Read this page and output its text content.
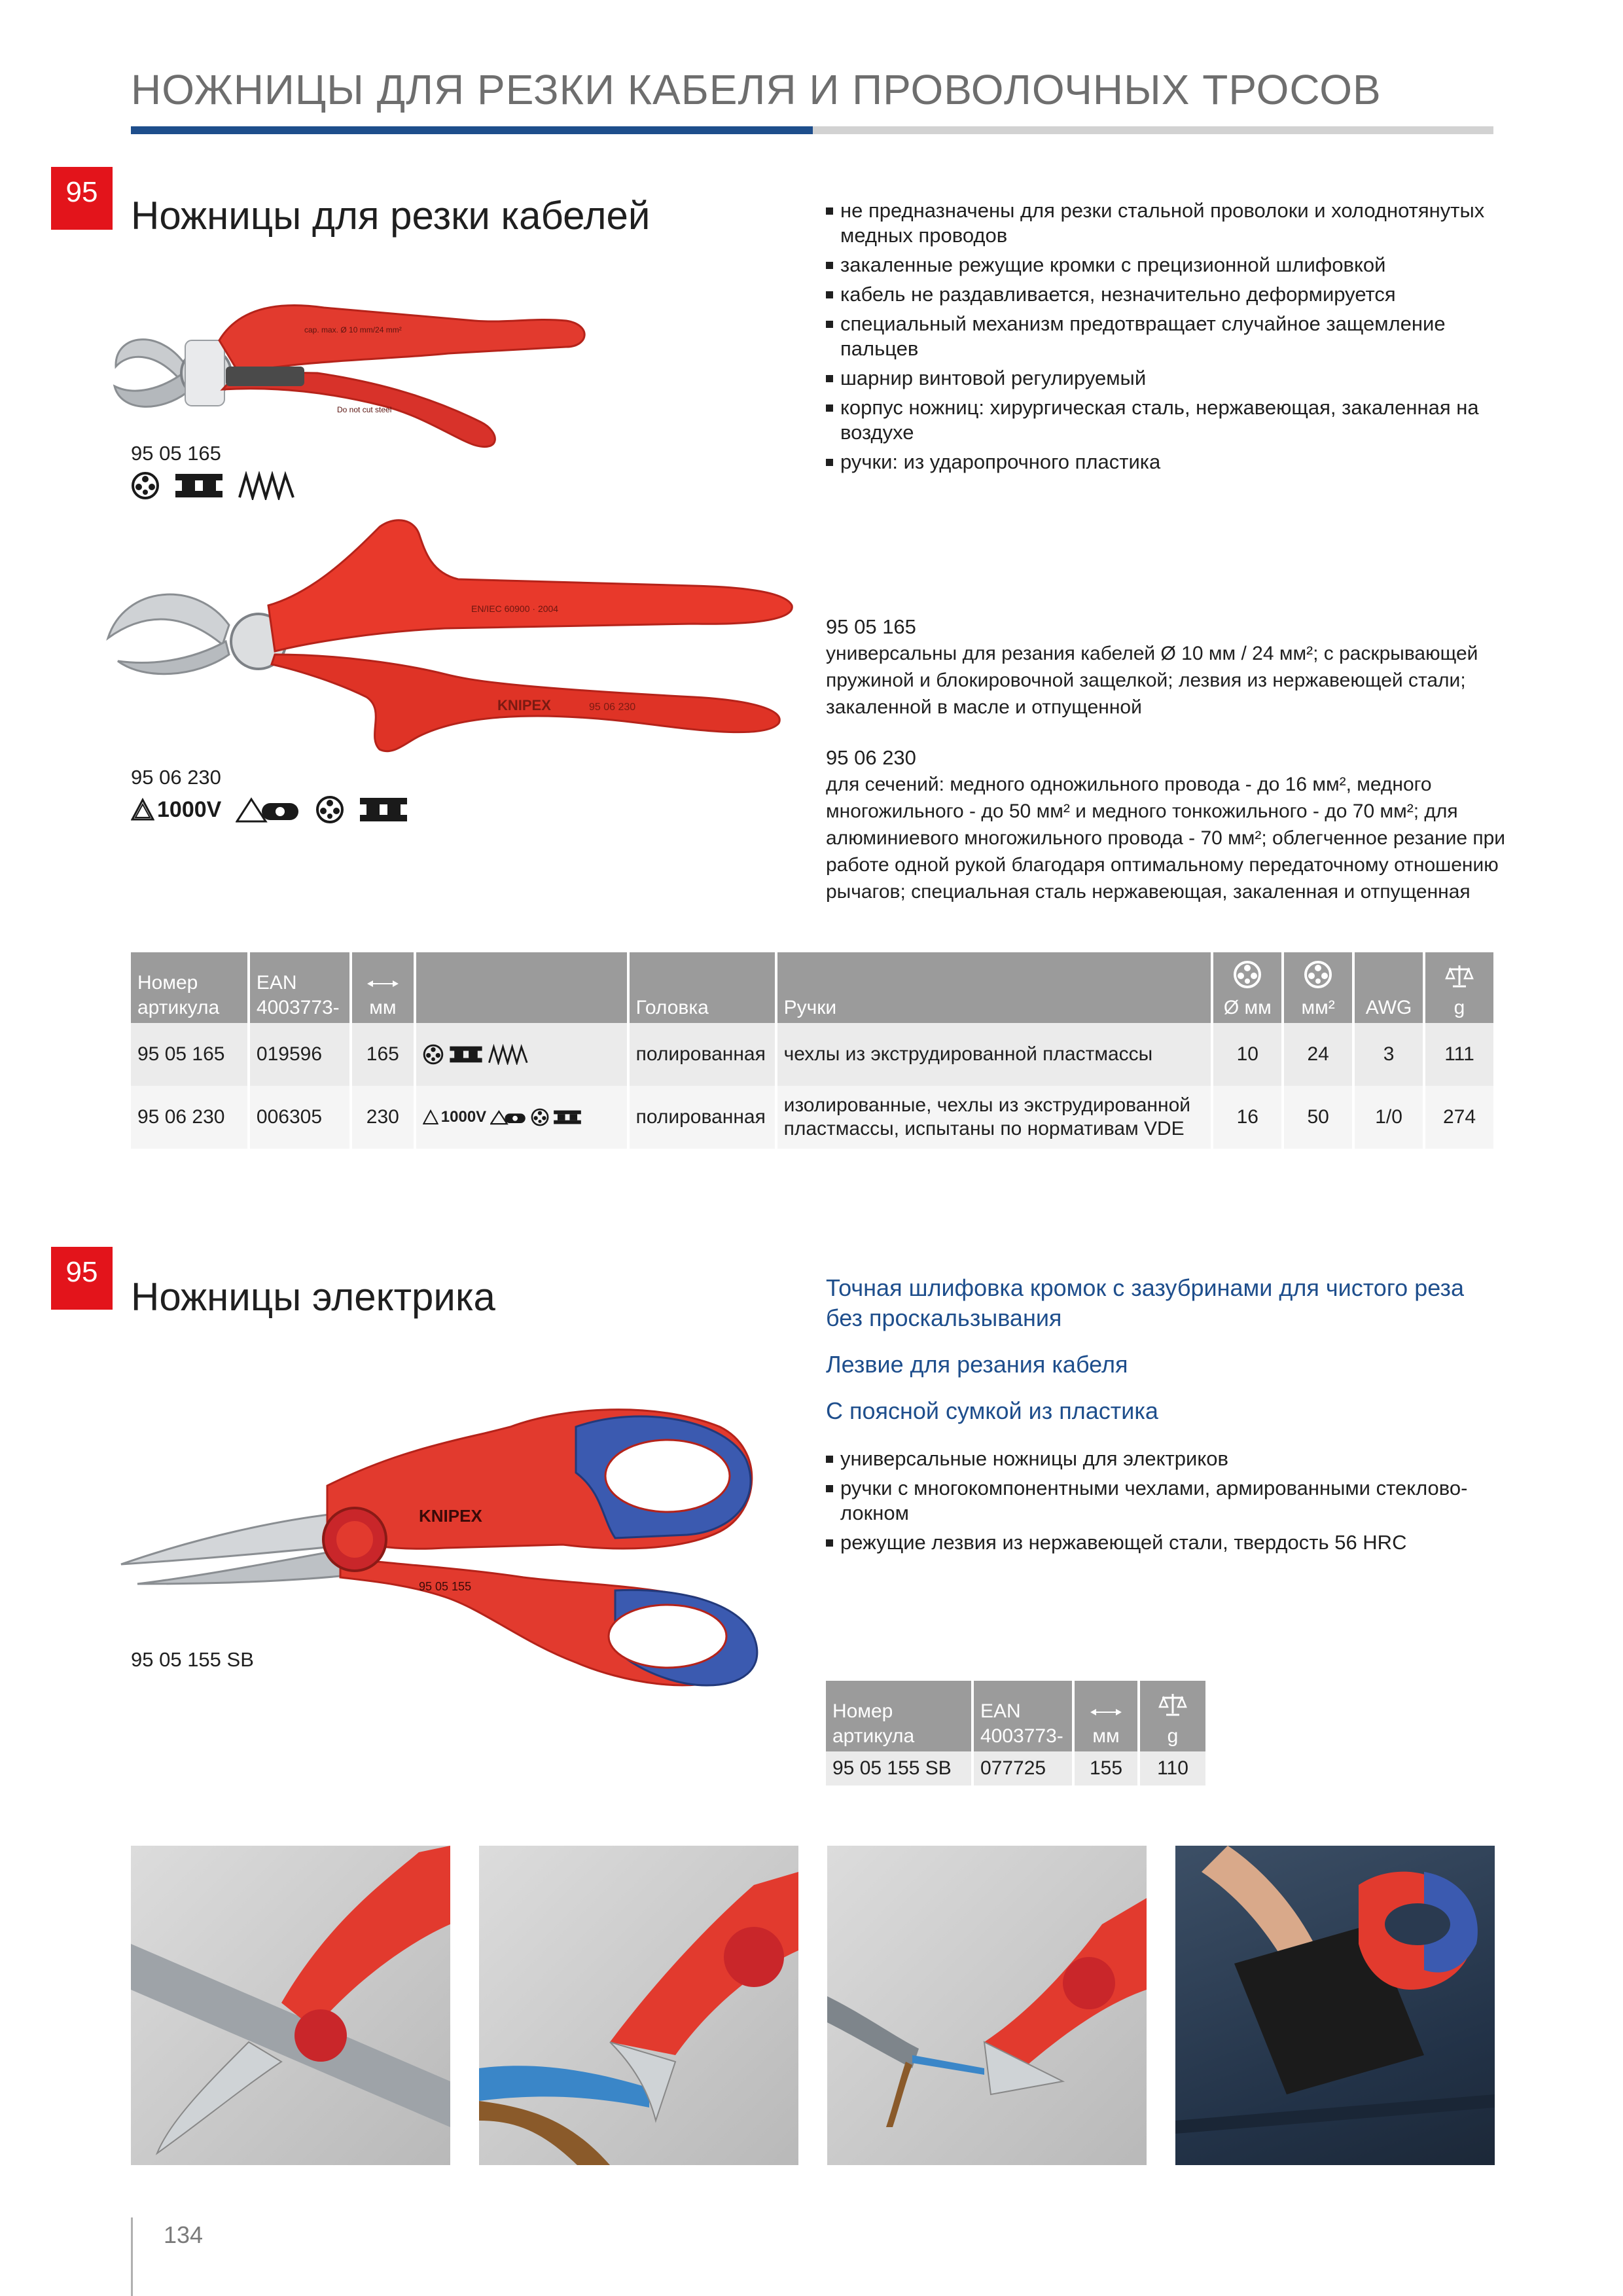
НОЖНИЦЫ ДЛЯ РЕЗКИ КАБЕЛЯ И ПРОВОЛОЧНЫХ ТРОСОВ
95
Ножницы для резки кабелей
cap. max. Ø 10 mm/24 mm²
Do not cut steel
95 05 165
EN/IEC 60900 · 2004
KNIPEX	95 06 230
95 06 230
1000V
не предназначены для резки стальной проволоки и холоднотянутых медных проводов
закаленные режущие кромки с прецизионной шлифовкой
кабель не раздавливается, незначительно деформируется
специальный механизм предотвращает случайное защемление пальцев
шарнир винтовой регулируемый
корпус ножниц: хирургическая сталь, нержавеющая, закаленная на воздухе
ручки: из ударопрочного пластика
95 05 165
универсальны для резания кабелей Ø 10 мм / 24 мм²; с раскрывающей пружиной и блокировочной защелкой; лезвия из нержавеющей стали; закаленной в масле и отпущенной
95 06 230
для сечений: медного одножильного провода - до 16 мм², медного многожильного - до 50 мм² и медного тонкожильного - до 70 мм²; для алюминиевого многожильного провода - 70 мм²; облегченное резание при работе одной рукой благодаря оптимальному передаточному отношению рычагов; специальная сталь нержавеющая, закаленная и отпущенная
Номер артикула	EAN 4003773-	мм		Головка	Ручки	Ø мм	мм²	AWG	g
95 05 165	019596	165		полированная	чехлы из экструдированной пластмассы	10	24	3	111
95 06 230	006305	230	1000V	полированная	изолированные, чехлы из экструдированной пластмассы, испытаны по нормативам VDE	16	50	1/0	274
95
Ножницы электрика
KNIPEX
95 05 155
95 05 155 SB
Точная шлифовка кромок с зазубринами для чистого реза без проскальзывания
Лезвие для резания кабеля
С поясной сумкой из пластика
универсальные ножницы для электриков
ручки с многокомпонентными чехлами, армированными стеклово-локном
режущие лезвия из нержавеющей стали, твердость 56 HRC
Номер артикула	EAN 4003773-	мм	g
95 05 155 SB	077725	155	110
134
